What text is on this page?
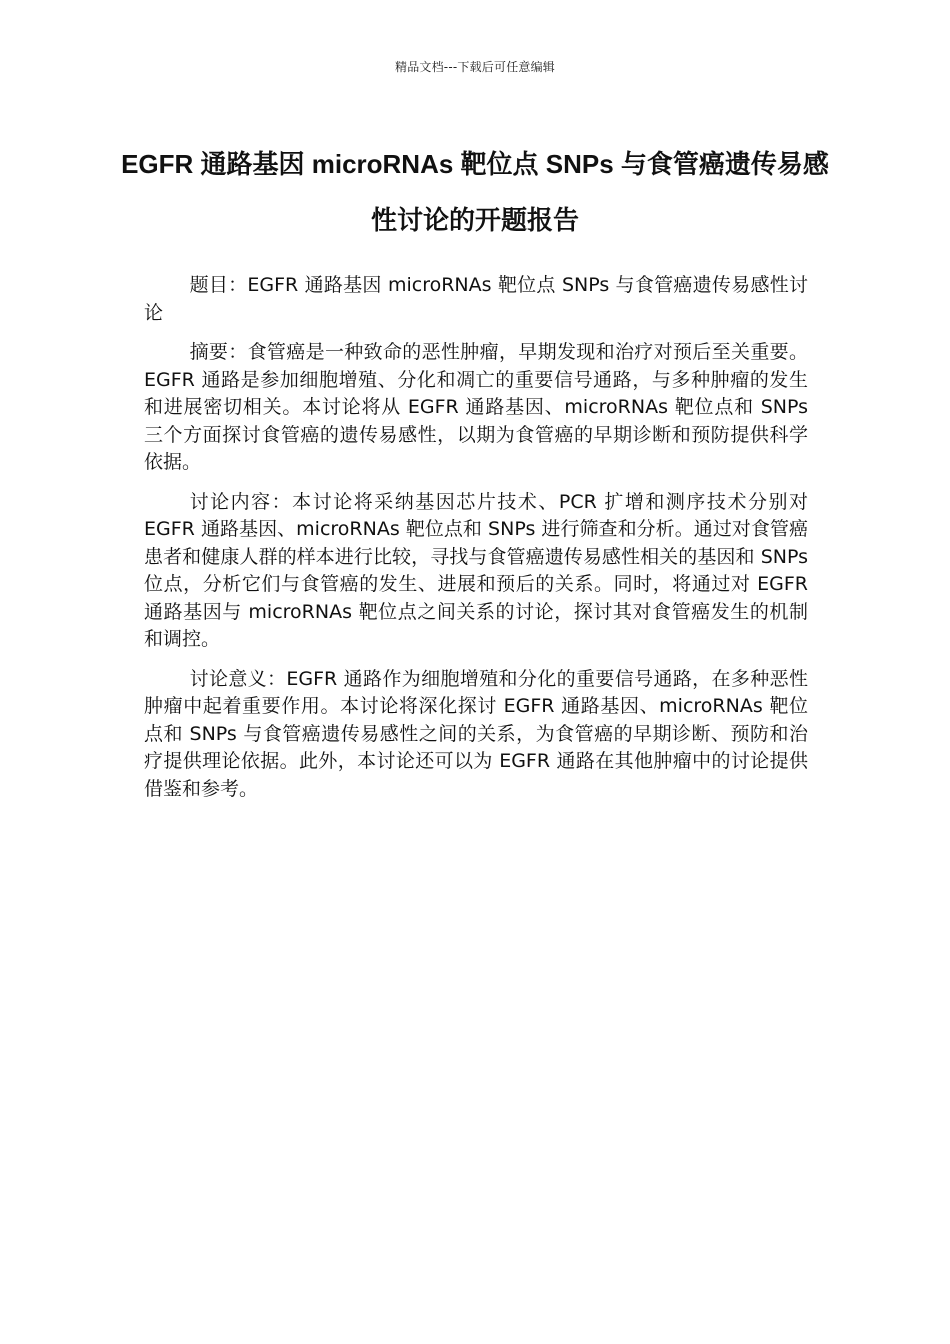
精品文档---下载后可任意编辑
EGFR 通路基因 microRNAs 靶位点 SNPs 与食管癌遗传易感性讨论的开题报告

题目：EGFR 通路基因 microRNAs 靶位点 SNPs 与食管癌遗传易感性讨论

摘要：食管癌是一种致命的恶性肿瘤，早期发现和治疗对预后至关重要。EGFR 通路是参加细胞增殖、分化和凋亡的重要信号通路，与多种肿瘤的发生和进展密切相关。本讨论将从 EGFR 通路基因、microRNAs 靶位点和 SNPs 三个方面探讨食管癌的遗传易感性，以期为食管癌的早期诊断和预防提供科学依据。

讨论内容：本讨论将采纳基因芯片技术、PCR 扩增和测序技术分别对 EGFR 通路基因、microRNAs 靶位点和 SNPs 进行筛查和分析。通过对食管癌患者和健康人群的样本进行比较，寻找与食管癌遗传易感性相关的基因和 SNPs 位点，分析它们与食管癌的发生、进展和预后的关系。同时，将通过对 EGFR 通路基因与 microRNAs 靶位点之间关系的讨论，探讨其对食管癌发生的机制和调控。

讨论意义：EGFR 通路作为细胞增殖和分化的重要信号通路，在多种恶性肿瘤中起着重要作用。本讨论将深化探讨 EGFR 通路基因、microRNAs 靶位点和 SNPs 与食管癌遗传易感性之间的关系，为食管癌的早期诊断、预防和治疗提供理论依据。此外，本讨论还可以为 EGFR 通路在其他肿瘤中的讨论提供借鉴和参考。
